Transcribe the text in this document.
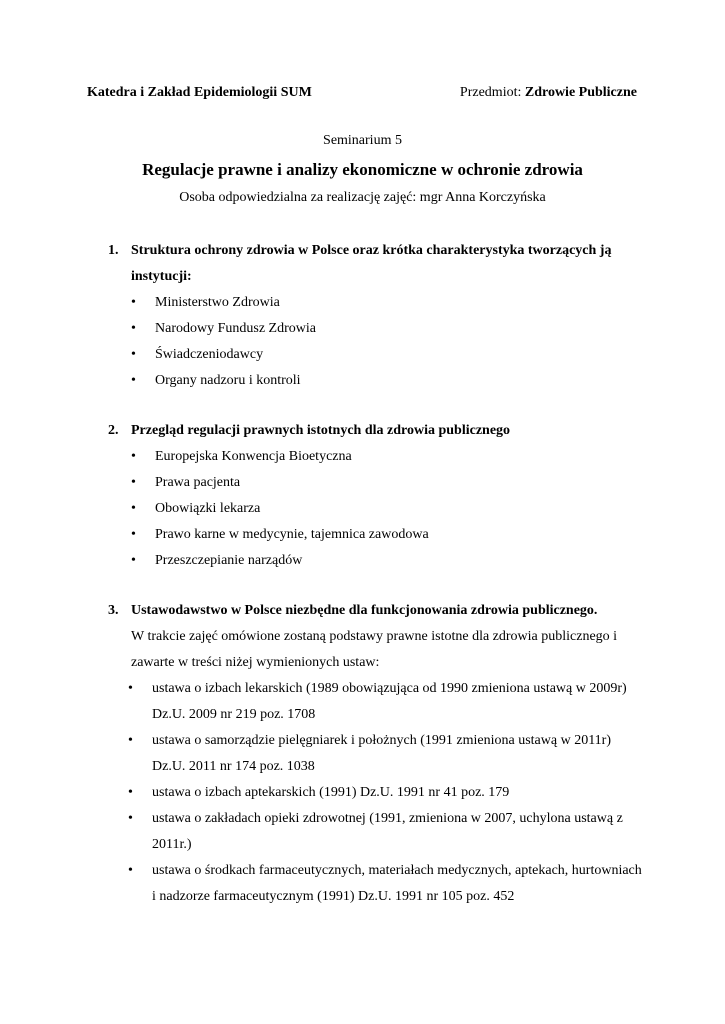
Katedra i Zakład Epidemiologii SUM	Przedmiot: Zdrowie Publiczne
Seminarium 5
Regulacje prawne i analizy ekonomiczne w ochronie zdrowia
Osoba odpowiedzialna za realizację zajęć: mgr Anna Korczyńska
1. Struktura ochrony zdrowia w Polsce oraz krótka charakterystyka tworzących ją instytucji:
•	Ministerstwo Zdrowia
•	Narodowy Fundusz Zdrowia
•	Świadczeniodawcy
•	Organy nadzoru i kontroli
2. Przegląd regulacji prawnych istotnych dla zdrowia publicznego
•	Europejska Konwencja Bioetyczna
•	Prawa pacjenta
•	Obowiązki lekarza
•	Prawo karne w medycynie, tajemnica zawodowa
•	Przeszczepianie narządów
3. Ustawodawstwo w Polsce niezbędne dla funkcjonowania zdrowia publicznego.
W trakcie zajęć omówione zostaną podstawy prawne istotne dla zdrowia publicznego i zawarte w treści niżej wymienionych ustaw:
•	ustawa o izbach lekarskich (1989 obowiązująca od 1990 zmieniona ustawą w 2009r) Dz.U. 2009 nr 219 poz. 1708
•	ustawa o samorządzie pielęgniarek i położnych (1991 zmieniona ustawą w 2011r) Dz.U. 2011 nr 174 poz. 1038
•	ustawa o izbach aptekarskich (1991) Dz.U. 1991 nr 41 poz. 179
•	ustawa o zakładach opieki zdrowotnej (1991, zmieniona w 2007, uchylona ustawą z 2011r.)
•	ustawa o środkach farmaceutycznych, materiałach medycznych, aptekach, hurtowniach i nadzorze farmaceutycznym (1991) Dz.U. 1991 nr 105 poz. 452
